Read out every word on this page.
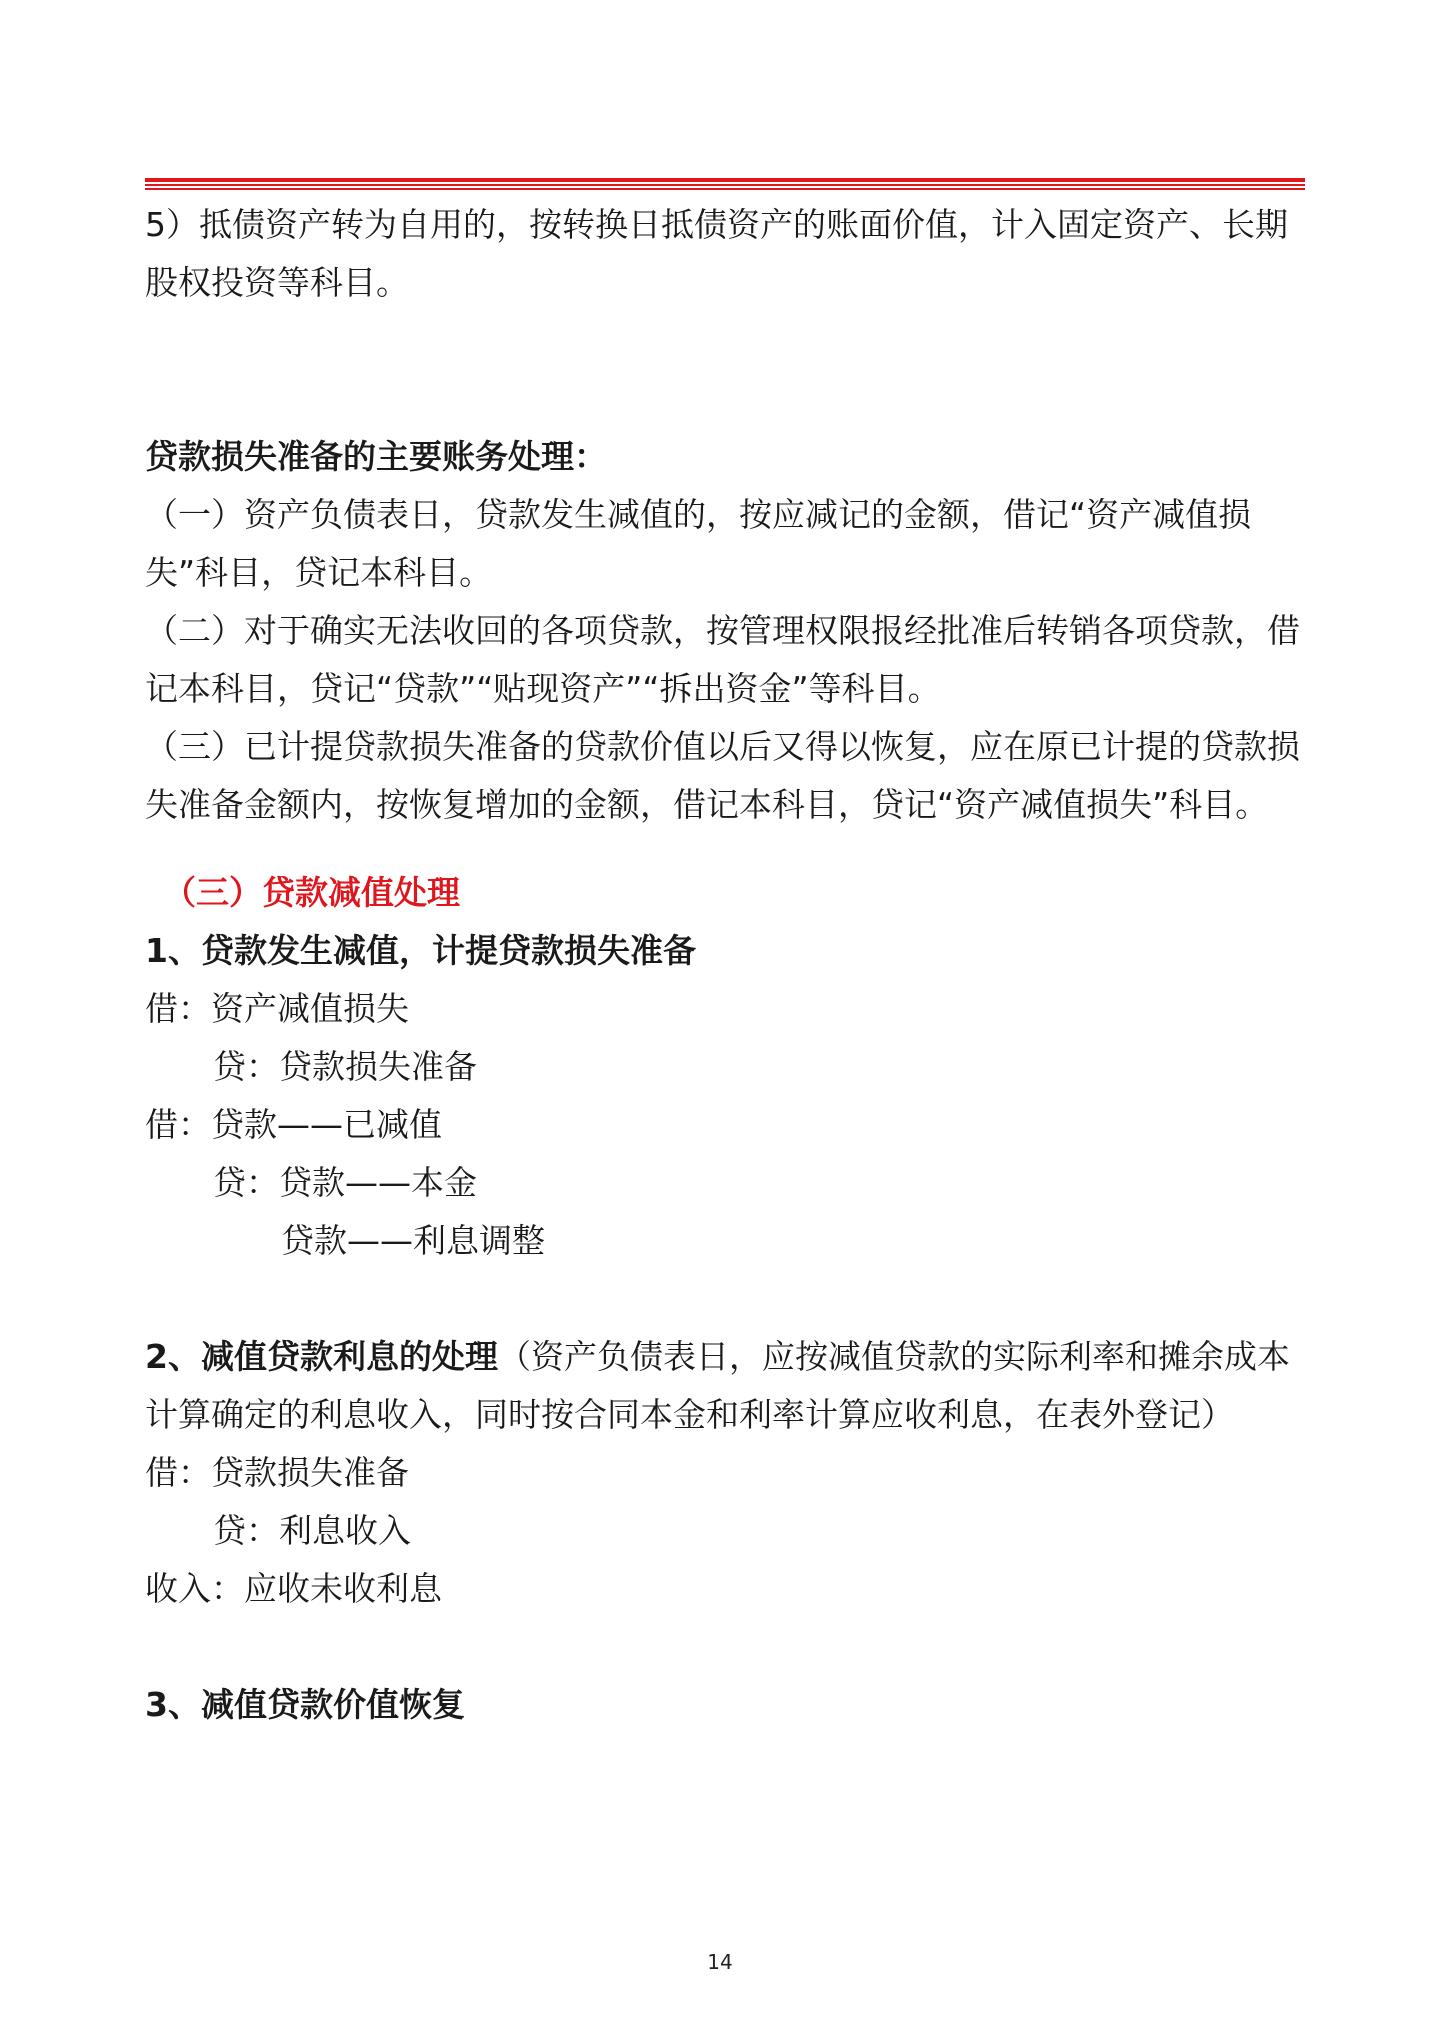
5）抵债资产转为自用的，按转换日抵债资产的账面价值，计入固定资产、长期股权投资等科目。

贷款损失准备的主要账务处理：

（一）资产负债表日，贷款发生减值的，按应减记的金额，借记“资产减值损失”科目，贷记本科目。

（二）对于确实无法收回的各项贷款，按管理权限报经批准后转销各项贷款，借记本科目，贷记“贷款”“贴现资产”“拆出资金”等科目。

（三）已计提贷款损失准备的贷款价值以后又得以恢复，应在原已计提的贷款损失准备金额内，按恢复增加的金额，借记本科目，贷记“资产减值损失”科目。

（三）贷款减值处理

1、贷款发生减值，计提贷款损失准备

借：资产减值损失

贷：贷款损失准备

借：贷款——已减值

贷：贷款——本金

贷款——利息调整

2、减值贷款利息的处理（资产负债表日，应按减值贷款的实际利率和摊余成本计算确定的利息收入，同时按合同本金和利率计算应收利息，在表外登记）

借：贷款损失准备

贷：利息收入

收入：应收未收利息

3、减值贷款价值恢复

14
